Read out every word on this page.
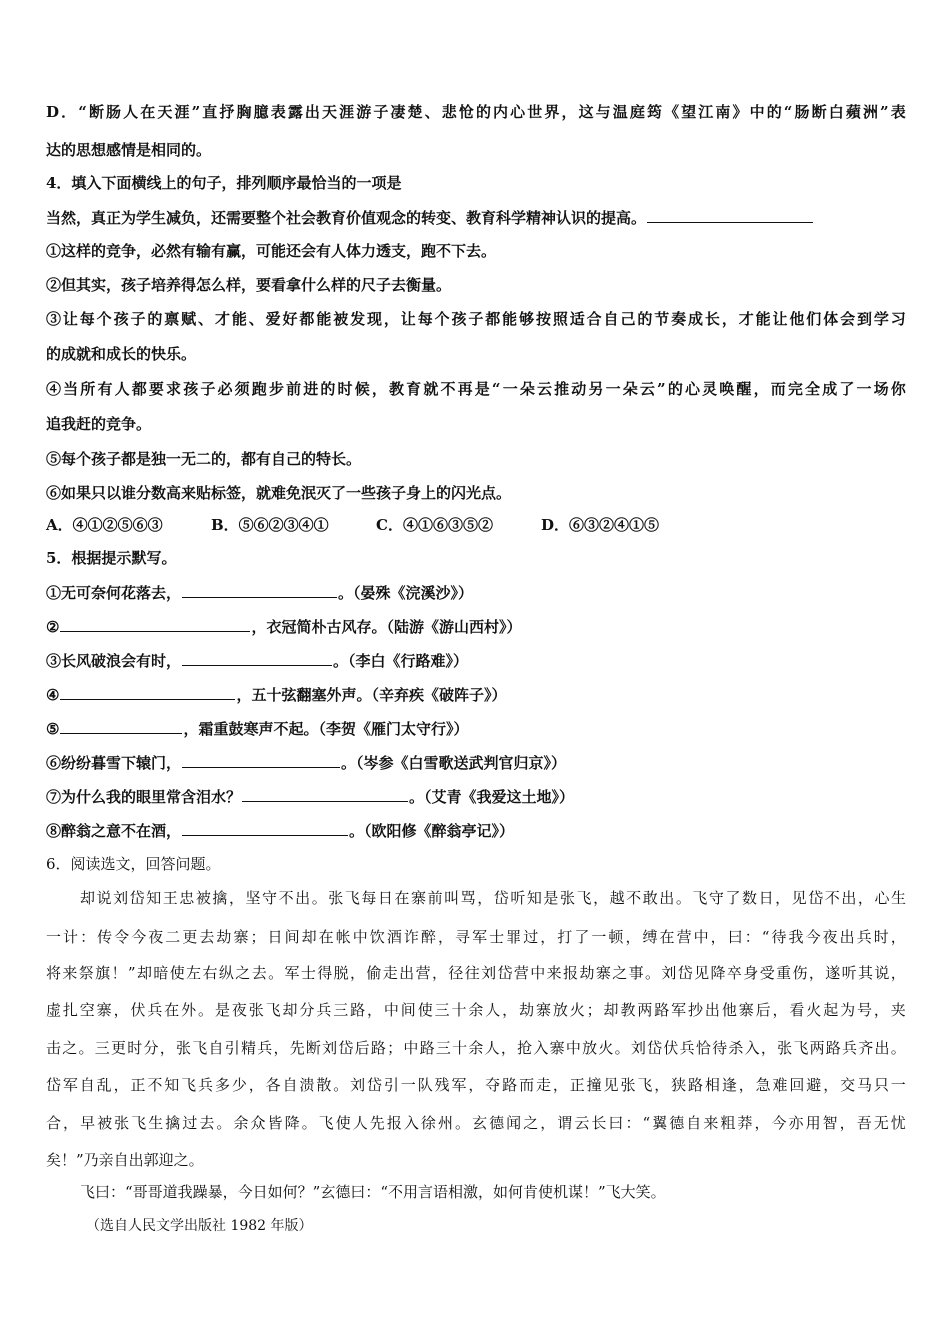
D．“断肠人在天涯”直抒胸臆表露出天涯游子凄楚、悲怆的内心世界，这与温庭筠《望江南》中的“肠断白蘋洲”表
达的思想感情是相同的。
4．填入下面横线上的句子，排列顺序最恰当的一项是
当然，真正为学生减负，还需要整个社会教育价值观念的转变、教育科学精神认识的提高。
①这样的竞争，必然有输有赢，可能还会有人体力透支，跑不下去。
②但其实，孩子培养得怎么样，要看拿什么样的尺子去衡量。
③让每个孩子的禀赋、才能、爱好都能被发现，让每个孩子都能够按照适合自己的节奏成长，才能让他们体会到学习
的成就和成长的快乐。
④当所有人都要求孩子必须跑步前进的时候，教育就不再是“一朵云推动另一朵云”的心灵唤醒，而完全成了一场你
追我赶的竞争。
⑤每个孩子都是独一无二的，都有自己的特长。
⑥如果只以谁分数高来贴标签，就难免泯灭了一些孩子身上的闪光点。
A．④①②⑤⑥③	B．⑤⑥②③④①	C．④①⑥③⑤②	D．⑥③②④①⑤
5．根据提示默写。
①无可奈何花落去，	。（晏殊《浣溪沙》）
②	，衣冠简朴古风存。（陆游《游山西村》）
③长风破浪会有时，	。（李白《行路难》）
④	，五十弦翻塞外声。（辛弃疾《破阵子》）
⑤	，霜重鼓寒声不起。（李贺《雁门太守行》）
⑥纷纷暮雪下辕门，	。（岑参《白雪歌送武判官归京》）
⑦为什么我的眼里常含泪水？	。（艾青《我爱这土地》）
⑧醉翁之意不在酒，	。（欧阳修《醉翁亭记》）
6．阅读选文，回答问题。
却说刘岱知王忠被擒，坚守不出。张飞每日在寨前叫骂，岱听知是张飞，越不敢出。飞守了数日，见岱不出，心生
一计：传令今夜二更去劫寨；日间却在帐中饮酒诈醉，寻军士罪过，打了一顿，缚在营中，曰：“待我今夜出兵时，
将来祭旗！”却暗使左右纵之去。军士得脱，偷走出营，径往刘岱营中来报劫寨之事。刘岱见降卒身受重伤，遂听其说，
虚扎空寨，伏兵在外。是夜张飞却分兵三路，中间使三十余人，劫寨放火；却教两路军抄出他寨后，看火起为号，夹
击之。三更时分，张飞自引精兵，先断刘岱后路；中路三十余人，抢入寨中放火。刘岱伏兵恰待杀入，张飞两路兵齐出。
岱军自乱，正不知飞兵多少，各自溃散。刘岱引一队残军，夺路而走，正撞见张飞，狭路相逢，急难回避，交马只一
合，早被张飞生擒过去。余众皆降。飞使人先报入徐州。玄德闻之，谓云长曰：“翼德自来粗莽，今亦用智，吾无忧
矣！”乃亲自出郭迎之。
飞曰：“哥哥道我躁暴，今日如何？”玄德曰：“不用言语相激，如何肯使机谋！”飞大笑。
（选自人民文学出版社 1982 年版）
